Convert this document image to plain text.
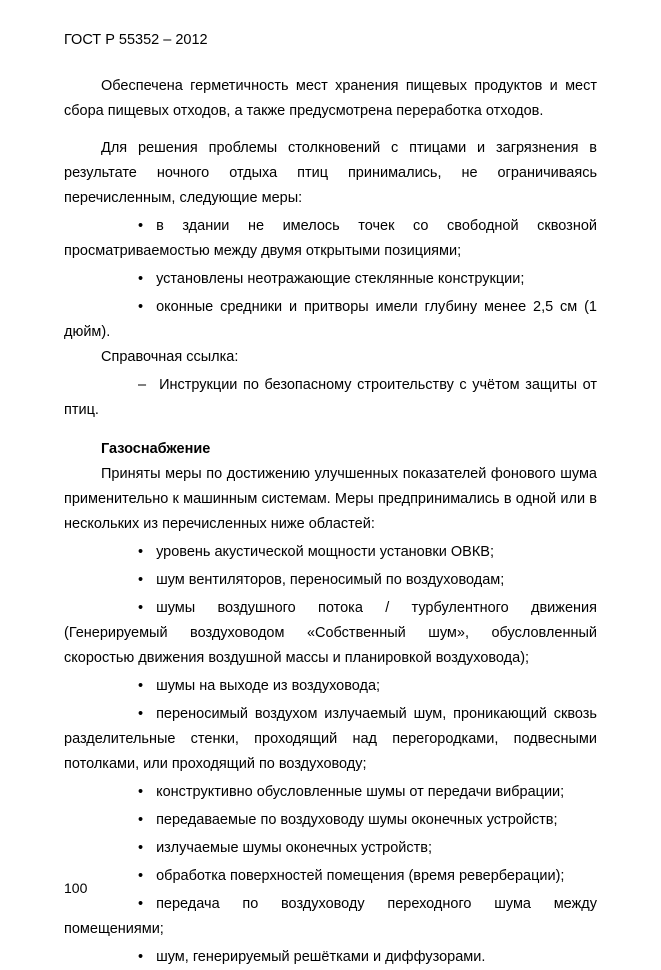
ГОСТ Р 55352 – 2012

Обеспечена герметичность мест хранения пищевых продуктов и мест сбора пищевых отходов, а также предусмотрена переработка отходов.

Для решения проблемы столкновений с птицами и загрязнения в результате ночного отдыха птиц принимались, не ограничиваясь перечисленным, следующие меры:

• в здании не имелось точек со свободной сквозной просматриваемостью между двумя открытыми позициями;
• установлены неотражающие стеклянные конструкции;
• оконные средники и притворы имели глубину менее 2,5 см (1 дюйм).

Справочная ссылка:

– Инструкции по безопасному строительству с учётом защиты от птиц.

Газоснабжение

Приняты меры по достижению улучшенных показателей фонового шума применительно к машинным системам. Меры предпринимались в одной или в нескольких из перечисленных ниже областей:

• уровень акустической мощности установки ОВКВ;
• шум вентиляторов, переносимый по воздуховодам;
• шумы воздушного потока / турбулентного движения (Генерируемый воздуховодом «Собственный шум», обусловленный скоростью движения воздушной массы и планировкой воздуховода);
• шумы на выходе из воздуховода;
• переносимый воздухом излучаемый шум, проникающий сквозь разделительные стенки, проходящий над перегородками, подвесными потолками, или проходящий по воздуховоду;
• конструктивно обусловленные шумы от передачи вибрации;
• передаваемые по воздуховоду шумы оконечных устройств;
• излучаемые шумы оконечных устройств;
• обработка поверхностей помещения (время реверберации);
• передача по воздуховоду переходного шума между помещениями;
• шум, генерируемый решётками и диффузорами.
100
